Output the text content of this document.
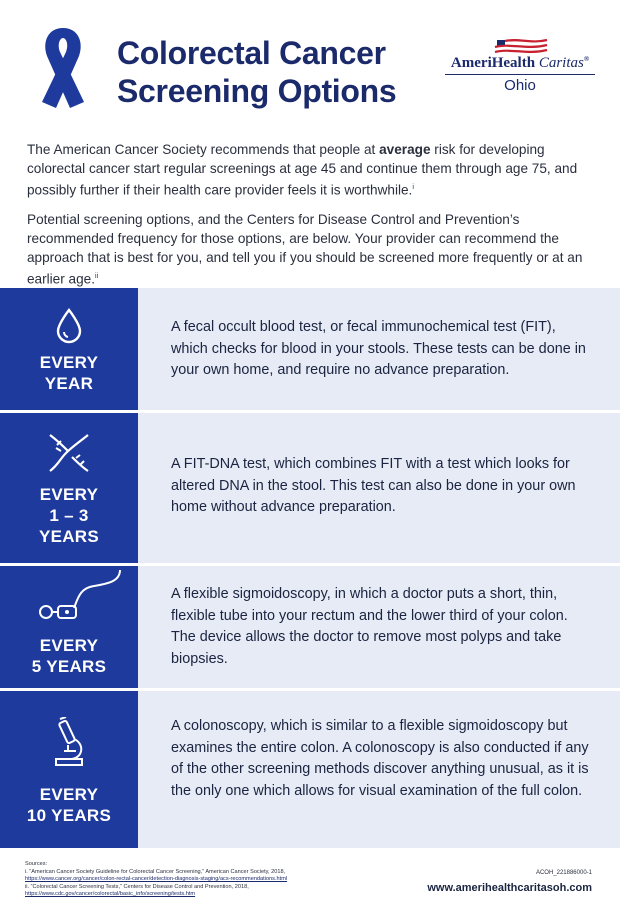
Colorectal Cancer
Screening Options
AmeriHealth Caritas®
Ohio

The American Cancer Society recommends that people at average risk for developing colorectal cancer start regular screenings at age 45 and continue them through age 75, and possibly further if their health care provider feels it is worthwhile.$^i$

Potential screening options, and the Centers for Disease Control and Prevention’s recommended frequency for those options, are below. Your provider can recommend the approach that is best for you, and tell you if you should be screened more frequently or at an earlier age.$^{ii}$

EVERY
YEAR
A fecal occult blood test, or fecal immunochemical test (FIT), which checks for blood in your stools. These tests can be done in your own home, and require no advance preparation.
EVERY
1 – 3
YEARS
A FIT-DNA test, which combines FIT with a test which looks for altered DNA in the stool. This test can also be done in your own home without advance preparation.
EVERY
5 YEARS
A flexible sigmoidoscopy, in which a doctor puts a short, thin, flexible tube into your rectum and the lower third of your colon. The device allows the doctor to remove most polyps and take biopsies.
EVERY
10 YEARS
A colonoscopy, which is similar to a flexible sigmoidoscopy but examines the entire colon. A colonoscopy is also conducted if any of the other screening methods discover anything unusual, as it is the only one which allows for visual examination of the full colon.
Sources:
i. “American Cancer Society Guideline for Colorectal Cancer Screening,” American Cancer Society, 2018,
https://www.cancer.org/cancer/colon-rectal-cancer/detection-diagnosis-staging/acs-recommendations.html
ii. “Colorectal Cancer Screening Tests,” Centers for Disease Control and Prevention, 2018,
https://www.cdc.gov/cancer/colorectal/basic_info/screening/tests.htm
ACOH_221886000-1
www.amerihealthcaritasoh.com
